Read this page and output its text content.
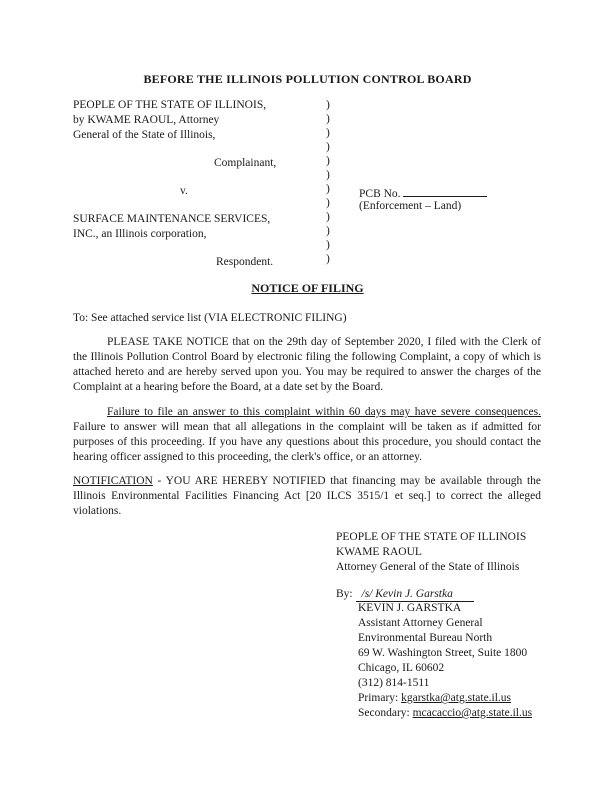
BEFORE THE ILLINOIS POLLUTION CONTROL BOARD
PEOPLE OF THE STATE OF ILLINOIS,
by KWAME RAOUL, Attorney
General of the State of Illinois,
Complainant,
v.
SURFACE MAINTENANCE SERVICES,
INC., an Illinois corporation,
Respondent.
)
)
)
)
)
)
)
)
)
)
)
)
PCB No.
(Enforcement – Land)
NOTICE OF FILING
To: See attached service list (VIA ELECTRONIC FILING)
PLEASE TAKE NOTICE that on the 29th day of September 2020, I filed with the Clerk of the Illinois Pollution Control Board by electronic filing the following Complaint, a copy of which is attached hereto and are hereby served upon you. You may be required to answer the charges of the Complaint at a hearing before the Board, at a date set by the Board.
Failure to file an answer to this complaint within 60 days may have severe consequences. Failure to answer will mean that all allegations in the complaint will be taken as if admitted for purposes of this proceeding. If you have any questions about this procedure, you should contact the hearing officer assigned to this proceeding, the clerk's office, or an attorney.
NOTIFICATION - YOU ARE HEREBY NOTIFIED that financing may be available through the Illinois Environmental Facilities Financing Act [20 ILCS 3515/1 et seq.] to correct the alleged violations.
PEOPLE OF THE STATE OF ILLINOIS
KWAME RAOUL
Attorney General of the State of Illinois
By: /s/ Kevin J. Garstka
KEVIN J. GARSTKA
Assistant Attorney General
Environmental Bureau North
69 W. Washington Street, Suite 1800
Chicago, IL 60602
(312) 814-1511
Primary: kgarstka@atg.state.il.us
Secondary: mcacaccio@atg.state.il.us
